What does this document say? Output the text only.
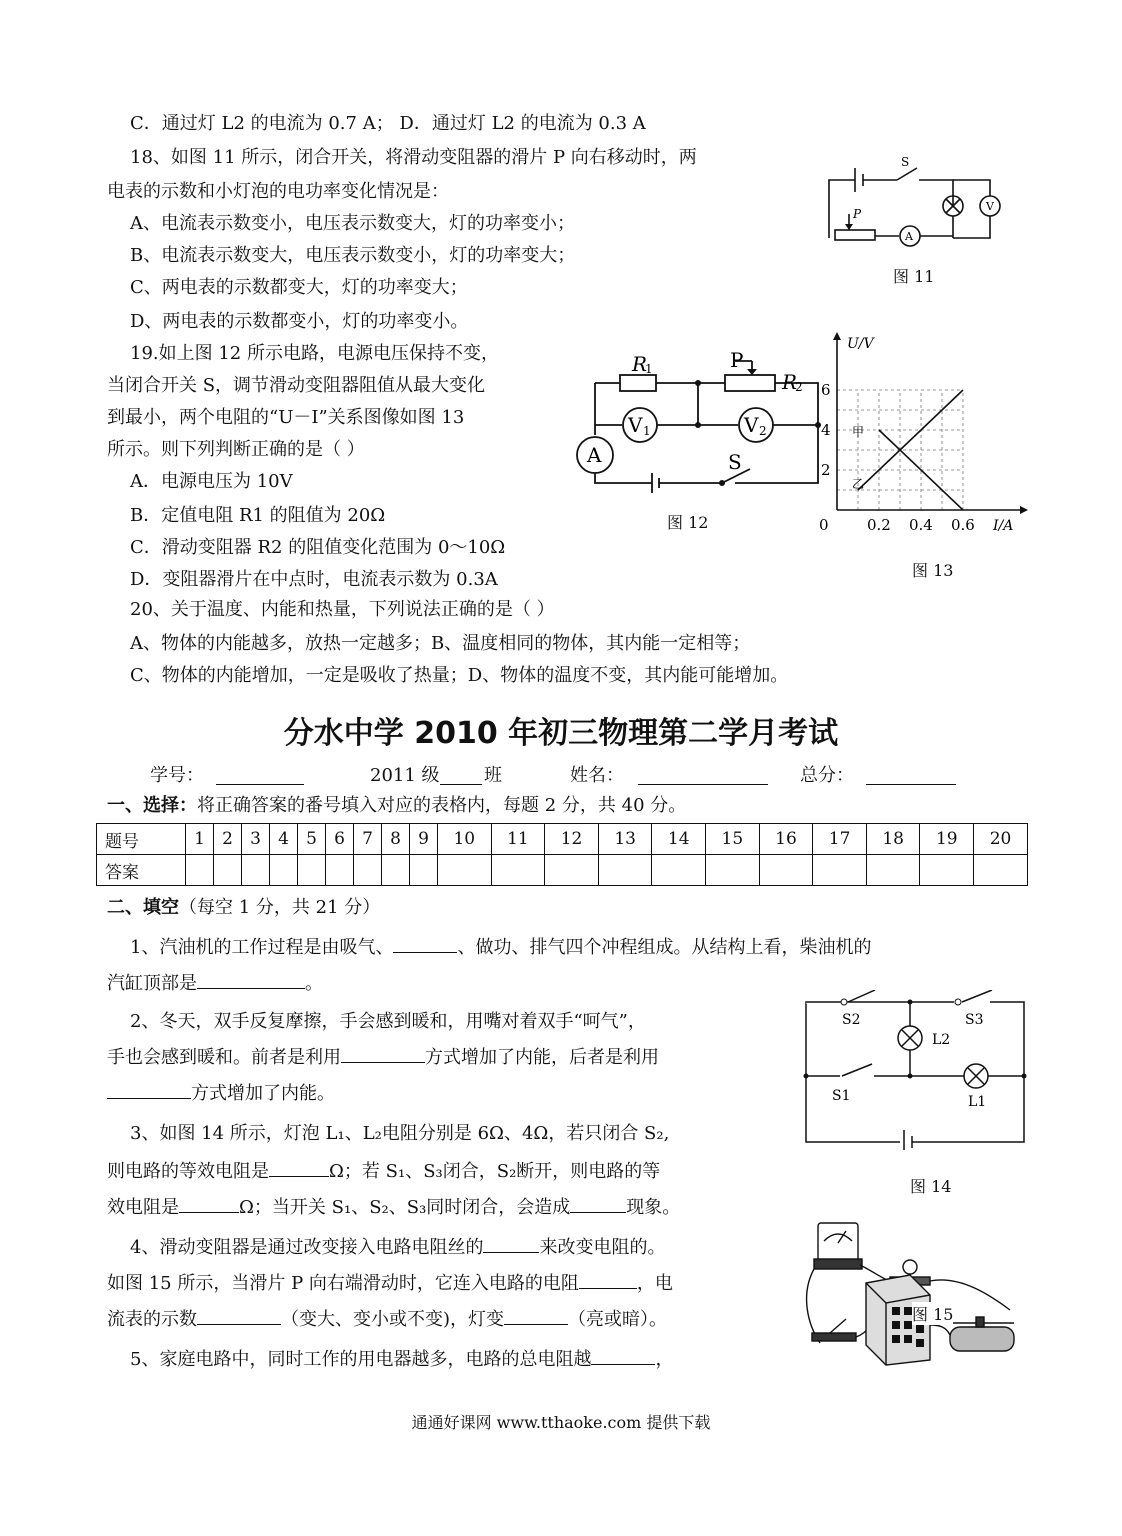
C．通过灯 L2 的电流为 0.7 A； D．通过灯 L2 的电流为 0.3 A
18、如图 11 所示，闭合开关，将滑动变阻器的滑片 P 向右移动时，两
电表的示数和小灯泡的电功率变化情况是：
A、电流表示数变小，电压表示数变大，灯的功率变小；
B、电流表示数变大，电压表示数变小，灯的功率变大；
C、两电表的示数都变大，灯的功率变大；
D、两电表的示数都变小，灯的功率变小。
S
P
A
V
图 11
19.如上图 12 所示电路，电源电压保持不变，
当闭合开关 S，调节滑动变阻器阻值从最大变化
到最小，两个电阻的“U－I”关系图像如图 13
所示。则下列判断正确的是（ ）
A．电源电压为 10V
B．定值电阻 R1 的阻值为 20Ω
C．滑动变阻器 R2 的阻值变化范围为 0～10Ω
D．变阻器滑片在中点时，电流表示数为 0.3A
R
1
R
2
P
V 1	V 2
A	S
图 12
U/V
I/A
0	0.2 0.4 0.6
2
4
6
甲
乙
图 13
20、关于温度、内能和热量，下列说法正确的是（ ）
A、物体的内能越多，放热一定越多；B、温度相同的物体，其内能一定相等；
C、物体的内能增加，一定是吸收了热量；D、物体的温度不变，其内能可能增加。
分水中学 2010 年初三物理第二学月考试
学号：	2011 级 班	姓名：	总分：
一、选择：将正确答案的番号填入对应的表格内，每题 2 分，共 40 分。
题号	1	2	3	4	5	6	7	8	9	10	11	12	13	14	15	16	17	18	19	20
答案																				
二、填空（每空 1 分，共 21 分）
1、汽油机的工作过程是由吸气、	、做功、排气四个冲程组成。从结构上看，柴油机的
汽缸顶部是	。
2、冬天，双手反复摩擦，手会感到暖和，用嘴对着双手“呵气”，
手也会感到暖和。前者是利用	方式增加了内能，后者是利用
方式增加了内能。
3、如图 14 所示，灯泡 L₁、L₂电阻分别是 6Ω、4Ω，若只闭合 S₂,
则电路的等效电阻是	Ω；若 S₁、S₃闭合，S₂断开，则电路的等
效电阻是	Ω；当开关 S₁、S₂、S₃同时闭合，会造成	现象。
4、滑动变阻器是通过改变接入电路电阻丝的	来改变电阻的。
如图 15 所示，当滑片 P 向右端滑动时，它连入电路的电阻	，电
流表的示数	（变大、变小或不变)，灯变	（亮或暗）。
5、家庭电路中，同时工作的用电器越多，电路的总电阻越	，
S2	S3
L2
S1	L1
图 14
图 15
通通好课网 www.tthaoke.com 提供下载
